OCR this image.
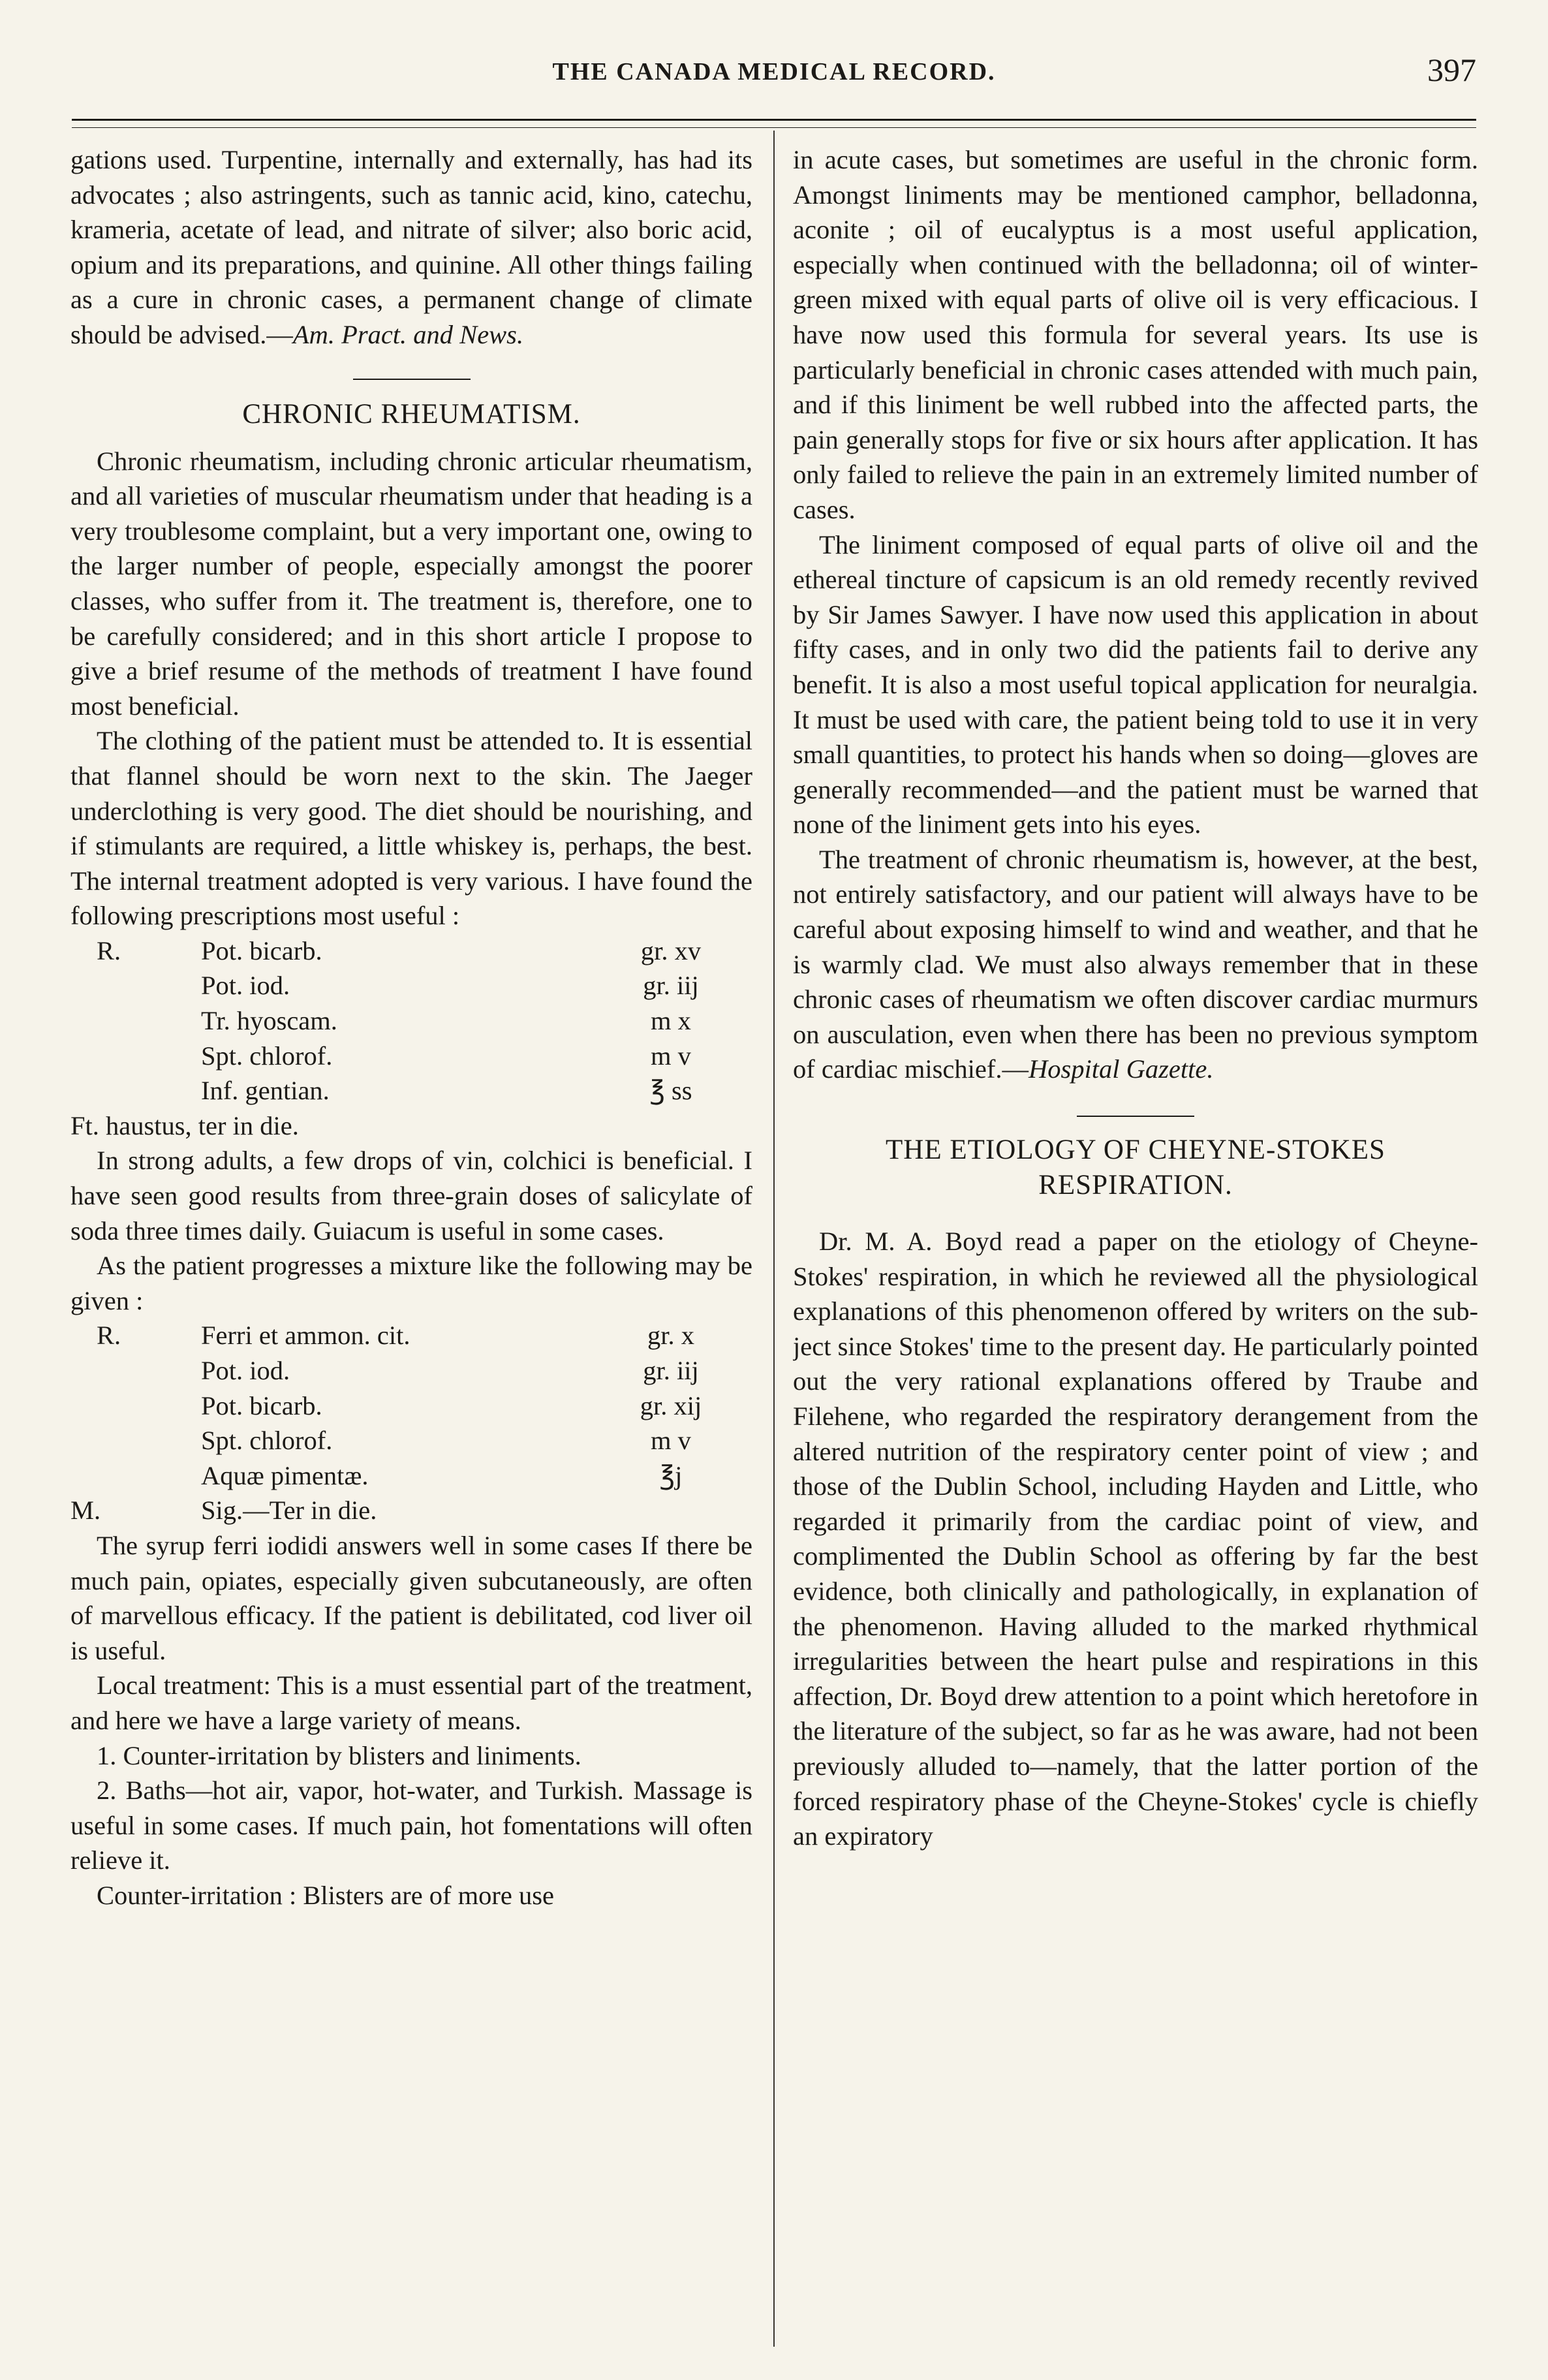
THE CANADA MEDICAL RECORD.	397

gations used. Turpentine, internally and externally, has had its advocates ; also astringents, such as tannic acid, kino, catechu, krameria, acetate of lead, and nitrate of silver; also boric acid, opium and its preparations, and quinine. All other things failing as a cure in chronic cases, a permanent change of climate should be advised.—Am. Pract. and News.

CHRONIC RHEUMATISM.

Chronic rheumatism, including chronic articular rheumatism, and all varieties of muscular rheumatism under that heading is a very troublesome complaint, but a very important one, owing to the larger number of people, especially amongst the poorer classes, who suffer from it. The treatment is, therefore, one to be carefully considered; and in this short article I propose to give a brief resume of the methods of treatment I have found most beneficial.

The clothing of the patient must be attended to. It is essential that flannel should be worn next to the skin. The Jaeger underclothing is very good. The diet should be nourishing, and if stimulants are required, a little whiskey is, perhaps, the best. The internal treatment adopted is very various. I have found the following prescriptions most useful :

R.	Pot. bicarb.	gr. xv
Pot. iod.	gr. iij
Tr. hyoscam.	m x
Spt. chlorof.	m v
Inf. gentian.	℥ ss

Ft. haustus, ter in die.

In strong adults, a few drops of vin, colchici is beneficial. I have seen good results from three-grain doses of salicylate of soda three times daily. Guiacum is useful in some cases.

As the patient progresses a mixture like the following may be given :

R.	Ferri et ammon. cit.	gr. x
Pot. iod.	gr. iij
Pot. bicarb.	gr. xij
Spt. chlorof.	m v
Aquæ pimentæ.	℥j
M.	Sig.—Ter in die.

The syrup ferri iodidi answers well in some cases If there be much pain, opiates, especially given subcutaneously, are often of marvellous efficacy. If the patient is debilitated, cod liver oil is useful.

Local treatment: This is a must essential part of the treatment, and here we have a large variety of means.

1. Counter-irritation by blisters and liniments.

2. Baths—hot air, vapor, hot-water, and Turkish. Massage is useful in some cases. If much pain, hot fomentations will often relieve it.

Counter-irritation : Blisters are of more use

in acute cases, but sometimes are useful in the chronic form. Amongst liniments may be mentioned camphor, belladonna, aconite ; oil of eucalyptus is a most useful application, especially when continued with the belladonna; oil of winter-green mixed with equal parts of olive oil is very efficacious. I have now used this formula for several years. Its use is particularly beneficial in chronic cases attended with much pain, and if this liniment be well rubbed into the affected parts, the pain generally stops for five or six hours after application. It has only failed to relieve the pain in an extremely limited number of cases.

The liniment composed of equal parts of olive oil and the ethereal tincture of capsicum is an old remedy recently revived by Sir James Sawyer. I have now used this application in about fifty cases, and in only two did the patients fail to derive any benefit. It is also a most useful topical application for neuralgia. It must be used with care, the patient being told to use it in very small quantities, to protect his hands when so doing—gloves are generally recommended—and the patient must be warned that none of the liniment gets into his eyes.

The treatment of chronic rheumatism is, however, at the best, not entirely satisfactory, and our patient will always have to be careful about exposing himself to wind and weather, and that he is warmly clad. We must also always remember that in these chronic cases of rheumatism we often discover cardiac murmurs on ausculation, even when there has been no previous symptom of cardiac mischief.—Hospital Gazette.

THE ETIOLOGY OF CHEYNE-STOKES RESPIRATION.

Dr. M. A. Boyd read a paper on the etiology of Cheyne-Stokes' respiration, in which he reviewed all the physiological explanations of this phenomenon offered by writers on the subject since Stokes' time to the present day. He particularly pointed out the very rational explanations offered by Traube and Filehene, who regarded the respiratory derangement from the altered nutrition of the respiratory center point of view ; and those of the Dublin School, including Hayden and Little, who regarded it primarily from the cardiac point of view, and complimented the Dublin School as offering by far the best evidence, both clinically and pathologically, in explanation of the phenomenon. Having alluded to the marked rhythmical irregularities between the heart pulse and respirations in this affection, Dr. Boyd drew attention to a point which heretofore in the literature of the subject, so far as he was aware, had not been previously alluded to—namely, that the latter portion of the forced respiratory phase of the Cheyne-Stokes' cycle is chiefly an expiratory
